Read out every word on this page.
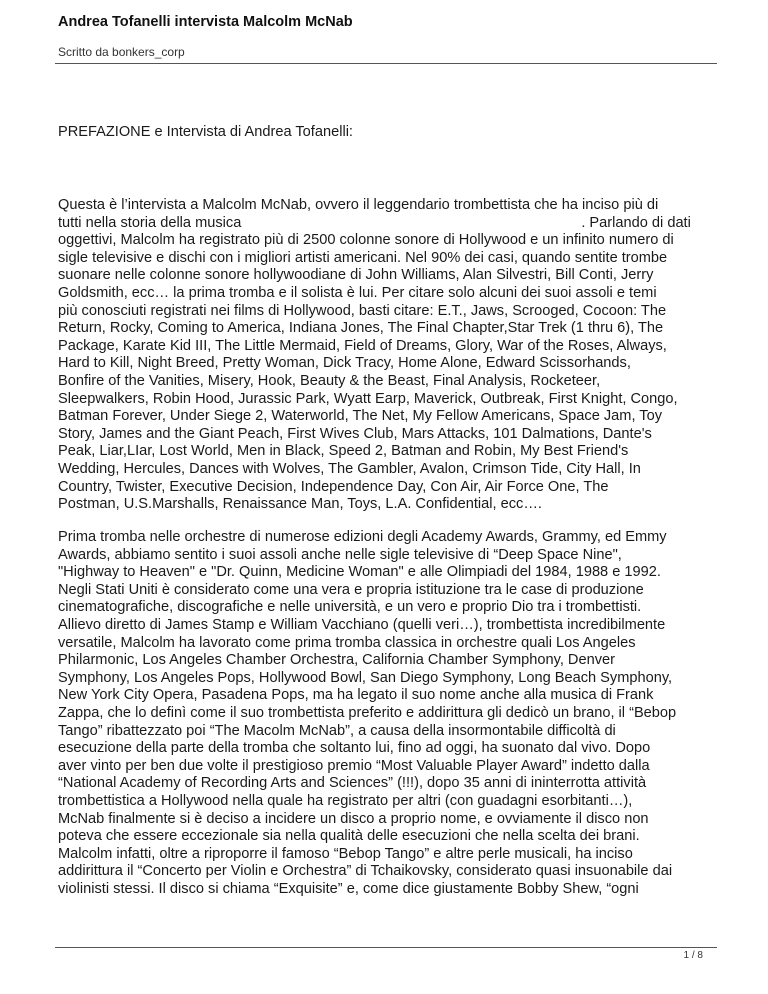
Andrea Tofanelli intervista Malcolm McNab
Scritto da bonkers_corp
PREFAZIONE e Intervista di Andrea Tofanelli:
Questa è l’intervista a Malcolm McNab, ovvero il leggendario trombettista che ha inciso più di
tutti nella storia della musica	. Parlando di dati
oggettivi, Malcolm ha registrato più di 2500 colonne sonore di Hollywood e un infinito numero di
sigle televisive e dischi con i migliori artisti americani. Nel 90% dei casi, quando sentite trombe
suonare nelle colonne sonore hollywoodiane di John Williams, Alan Silvestri, Bill Conti, Jerry
Goldsmith, ecc… la prima tromba e il solista è lui. Per citare solo alcuni dei suoi assoli e temi
più conosciuti registrati nei films di Hollywood, basti citare: E.T., Jaws, Scrooged, Cocoon: The
Return, Rocky, Coming to America, Indiana Jones, The Final Chapter,Star Trek (1 thru 6), The
Package, Karate Kid III, The Little Mermaid, Field of Dreams, Glory, War of the Roses, Always,
Hard to Kill, Night Breed, Pretty Woman, Dick Tracy, Home Alone, Edward Scissorhands,
Bonfire of the Vanities, Misery, Hook, Beauty & the Beast, Final Analysis, Rocketeer,
Sleepwalkers, Robin Hood, Jurassic Park, Wyatt Earp, Maverick, Outbreak, First Knight, Congo,
Batman Forever, Under Siege 2, Waterworld, The Net, My Fellow Americans, Space Jam, Toy
Story, James and the Giant Peach, First Wives Club, Mars Attacks, 101 Dalmations, Dante's
Peak, Liar,LIar, Lost World, Men in Black, Speed 2, Batman and Robin, My Best Friend's
Wedding, Hercules, Dances with Wolves, The Gambler, Avalon, Crimson Tide, City Hall, In
Country, Twister, Executive Decision, Independence Day, Con Air, Air Force One, The
Postman, U.S.Marshalls, Renaissance Man, Toys, L.A. Confidential, ecc….
Prima tromba nelle orchestre di numerose edizioni degli Academy Awards, Grammy, ed Emmy
Awards, abbiamo sentito i suoi assoli anche nelle sigle televisive di “Deep Space Nine",
"Highway to Heaven" e "Dr. Quinn, Medicine Woman" e alle Olimpiadi del 1984, 1988 e 1992.
Negli Stati Uniti è considerato come una vera e propria istituzione tra le case di produzione
cinematografiche, discografiche e nelle università, e un vero e proprio Dio tra i trombettisti.
Allievo diretto di James Stamp e William Vacchiano (quelli veri…), trombettista incredibilmente
versatile, Malcolm ha lavorato come prima tromba classica in orchestre quali Los Angeles
Philarmonic, Los Angeles Chamber Orchestra, California Chamber Symphony, Denver
Symphony, Los Angeles Pops, Hollywood Bowl, San Diego Symphony, Long Beach Symphony,
New York City Opera, Pasadena Pops, ma ha legato il suo nome anche alla musica di Frank
Zappa, che lo definì come il suo trombettista preferito e addirittura gli dedicò un brano, il “Bebop
Tango” ribattezzato poi “The Macolm McNab”, a causa della insormontabile difficoltà di
esecuzione della parte della tromba che soltanto lui, fino ad oggi, ha suonato dal vivo. Dopo
aver vinto per ben due volte il prestigioso premio “Most Valuable Player Award” indetto dalla
“National Academy of Recording Arts and Sciences” (!!!), dopo 35 anni di ininterrotta attività
trombettistica a Hollywood nella quale ha registrato per altri (con guadagni esorbitanti…),
McNab finalmente si è deciso a incidere un disco a proprio nome, e ovviamente il disco non
poteva che essere eccezionale sia nella qualità delle esecuzioni che nella scelta dei brani.
Malcolm infatti, oltre a riproporre il famoso “Bebop Tango” e altre perle musicali, ha inciso
addirittura il “Concerto per Violin e Orchestra” di Tchaikovsky, considerato quasi insuonabile dai
violinisti stessi. Il disco si chiama “Exquisite” e, come dice giustamente Bobby Shew, “ogni
1 / 8
